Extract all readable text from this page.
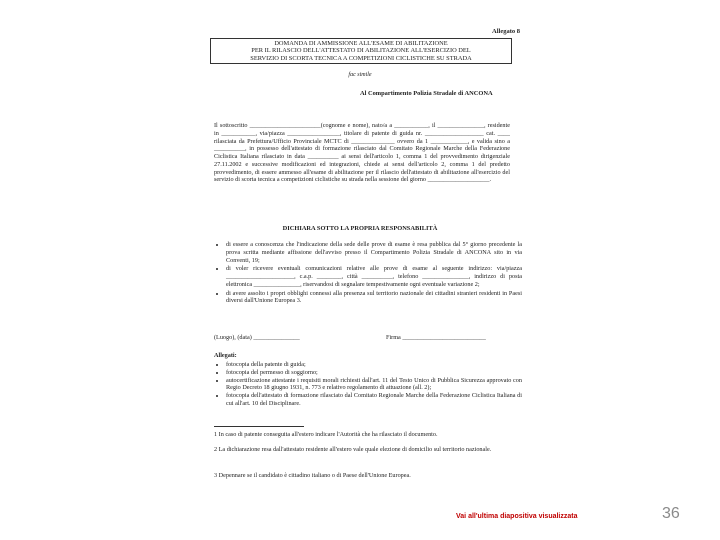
Allegato 8
DOMANDA DI AMMISSIONE ALL'ESAME DI ABILITAZIONE
PER IL RILASCIO DELL'ATTESTATO DI ABILITAZIONE ALL'ESERCIZIO DEL
SERVIZIO DI SCORTA TECNICA A COMPETIZIONI CICLISTICHE SU STRADA
fac simile
Al Compartimento Polizia Stradale di ANCONA
Il sottoscritto _______________________(cognome e nome), nato/a a ___________, il _______________, residente in ___________, via/piazza _________________, titolare di patente di guida nr. ___________________ cat. ____ rilasciata da Prefettura/Ufficio Provinciale MCTC di ______________ ovvero da 1 ____________, e valida sino a __________, in possesso dell'attestato di formazione rilasciato dal Comitato Regionale Marche della Federazione Ciclistica Italiana rilasciato in data __________ ai sensi dell'articolo 1, comma 1 del provvedimento dirigenziale 27.11.2002 e successive modificazioni ed integrazioni, chiede ai sensi dell'articolo 2, comma 1 del predetto provvedimento, di essere ammesso all'esame di abilitazione per il rilascio dell'attestato di abilitazione all'esercizio del servizio di scorta tecnica a competizioni ciclistiche su strada nella sessione del giorno ____________________.
DICHIARA SOTTO LA PROPRIA RESPONSABILITÀ
• di essere a conoscenza che l'indicazione della sede delle prove di esame è resa pubblica dal 5° giorno precedente la prova scritta mediante affissione dell'avviso presso il Compartimento Polizia Stradale di ANCONA sito in via Conventi, 19;
• di voler ricevere eventuali comunicazioni relative alle prove di esame al seguente indirizzo: via/piazza ______________________, c.a.p. ________, città __________, telefono _______________, indirizzo di posta elettronica _______________, riservandosi di segnalare tempestivamente ogni eventuale variazione 2;
• di avere assolto i propri obblighi connessi alla presenza sul territorio nazionale dei cittadini stranieri residenti in Paesi diversi dall'Unione Europea 3.
(Luogo), (data) _______________	Firma ___________________________
Allegati:
• fotocopia della patente di guida;
• fotocopia del permesso di soggiorno;
• autocertificazione attestante i requisiti morali richiesti dall'art. 11 del Testo Unico di Pubblica Sicurezza approvato con Regio Decreto 18 giugno 1931, n. 773 e relativo regolamento di attuazione (all. 2);
• fotocopia dell'attestato di formazione rilasciato dal Comitato Regionale Marche della Federazione Ciclistica Italiana di cui all'art. 10 del Disciplinare.
1 In caso di patente conseguita all'estero indicare l'Autorità che ha rilasciato il documento.
2 La dichiarazione resa dall'attestato residente all'estero vale quale elezione di domicilio sul territorio nazionale.
3 Depennare se il candidato è cittadino italiano o di Paese dell'Unione Europea.
Vai all'ultima diapositiva visualizzata	36
